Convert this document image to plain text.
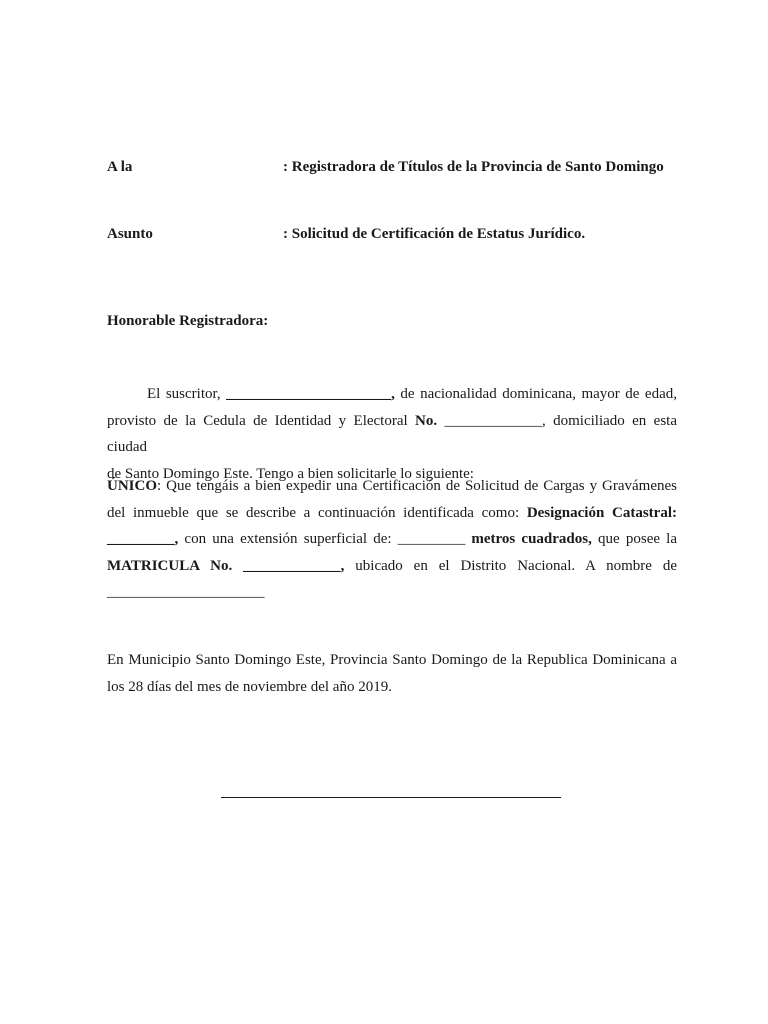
A la	: Registradora de Títulos de la Provincia de Santo Domingo
Asunto	: Solicitud de Certificación de Estatus Jurídico.
Honorable Registradora:
El suscritor, ______________________, de nacionalidad dominicana, mayor de edad,
provisto de la Cedula de Identidad y Electoral No. _____________, domiciliado en esta ciudad
de Santo Domingo Este. Tengo a bien solicitarle lo siguiente:
ÚNICO: Que tengáis a bien expedir una Certificación de Solicitud de Cargas y Gravámenes
del inmueble que se describe a continuación identificada como: Designación Catastral:
_________, con una extensión superficial de: _________ metros cuadrados, que posee la
MATRICULA No. _____________, ubicado en el Distrito Nacional. A nombre de
_____________________
En Municipio Santo Domingo Este, Provincia Santo Domingo de la Republica Dominicana a
los 28 días del mes de noviembre del año 2019.
